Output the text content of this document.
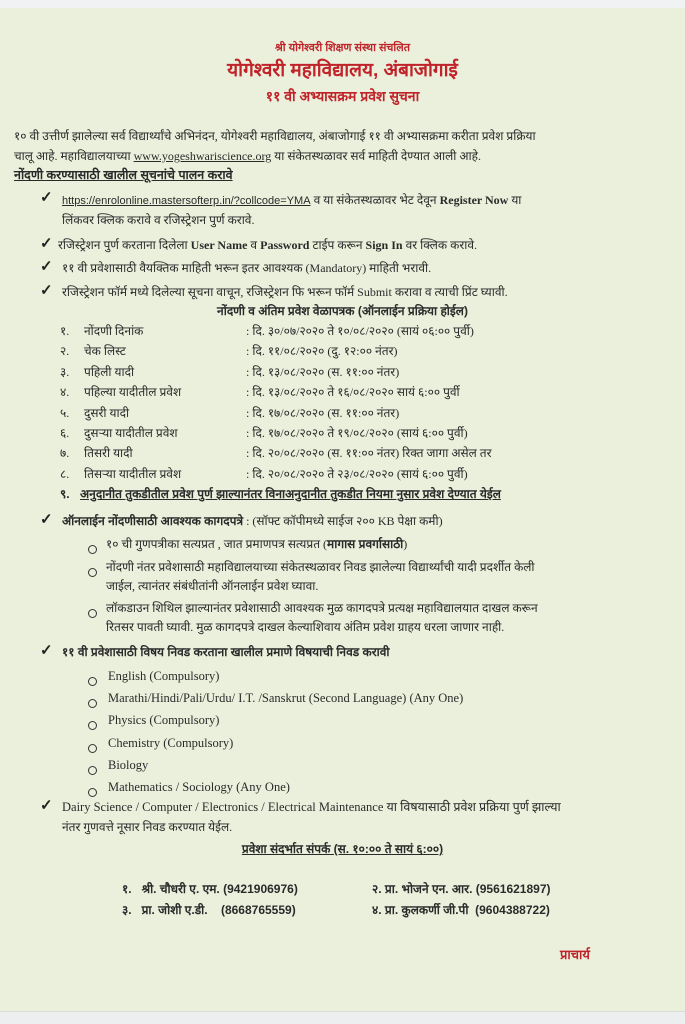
श्री योगेश्वरी शिक्षण संस्था संचलित
योगेश्वरी महाविद्यालय, अंबाजोगाई
११ वी अभ्यासक्रम प्रवेश सुचना
१० वी उत्तीर्ण झालेल्या सर्व विद्यार्थ्यांचे अभिनंदन, योगेश्वरी महाविद्यालय, अंबाजोगाई ११ वी अभ्यासक्रमा करीता प्रवेश प्रक्रिया
चालू आहे. महाविद्यालयाच्या www.yogeshwariscience.org या संकेतस्थळावर सर्व माहिती देण्यात आली आहे.
नोंदणी करण्यासाठी खालील सूचनांचे पालन करावे
✓ https://enrolonline.mastersofterp.in/?collcode=YMA व या संकेतस्थळावर भेट देवून Register Now या
लिंकवर क्लिक करावे व रजिस्ट्रेशन पुर्ण करावे.
✓ रजिस्ट्रेशन पुर्ण करताना दिलेला User Name व Password टाईप करून Sign In वर क्लिक करावे.
✓ ११ वी प्रवेशासाठी वैयक्तिक माहिती भरून इतर आवश्यक (Mandatory) माहिती भरावी.
✓ रजिस्ट्रेशन फॉर्म मध्ये दिलेल्या सूचना वाचून, रजिस्ट्रेशन फि भरून फॉर्म Submit करावा व त्याची प्रिंट घ्यावी.
नोंदणी व अंतिम प्रवेश वेळापत्रक (ऑनलाईन प्रक्रिया होईल)
१. नोंदणी दिनांक	: दि. ३०/०७/२०२० ते १०/०८/२०२० (सायं ०६:०० पुर्वी)
२. चेक लिस्ट	: दि. ११/०८/२०२० (दु. १२:०० नंतर)
३. पहिली यादी	: दि. १३/०८/२०२० (स. ११:०० नंतर)
४. पहिल्या यादीतील प्रवेश	: दि. १३/०८/२०२० ते १६/०८/२०२० सायं ६:०० पुर्वी
५. दुसरी यादी	: दि. १७/०८/२०२० (स. ११:०० नंतर)
६. दुसऱ्या यादीतील प्रवेश	: दि. १७/०८/२०२० ते १९/०८/२०२० (सायं ६:०० पुर्वी)
७. तिसरी यादी	: दि. २०/०८/२०२० (स. ११:०० नंतर) रिक्त जागा असेल तर
८. तिसऱ्या यादीतील प्रवेश	: दि. २०/०८/२०२० ते २३/०८/२०२० (सायं ६:०० पुर्वी)
९. अनुदानीत तुकडीतील प्रवेश पुर्ण झाल्यानंतर विनाअनुदानीत तुकडीत नियमा नुसार प्रवेश देण्यात येईल
✓ ऑनलाईन नोंदणीसाठी आवश्यक कागदपत्रे : (सॉफ्ट कॉपीमध्ये साईज २०० KB पेक्षा कमी)
१० ची गुणपत्रीका सत्यप्रत , जात प्रमाणपत्र सत्यप्रत (मागास प्रवर्गासाठी)
नोंदणी नंतर प्रवेशासाठी महाविद्यालयाच्या संकेतस्थळावर निवड झालेल्या विद्यार्थ्यांची यादी प्रदर्शीत केली
जाईल, त्यानंतर संबंधीतांनी ऑनलाईन प्रवेश घ्यावा.
लॉकडाउन शिथिल झाल्यानंतर प्रवेशासाठी आवश्यक मुळ कागदपत्रे प्रत्यक्ष महाविद्यालयात दाखल करून
रितसर पावती घ्यावी. मुळ कागदपत्रे दाखल केल्याशिवाय अंतिम प्रवेश ग्राहय धरला जाणार नाही.
✓ ११ वी प्रवेशासाठी विषय निवड करताना खालील प्रमाणे विषयाची निवड करावी
English (Compulsory)
Marathi/Hindi/Pali/Urdu/ I.T. /Sanskrut (Second Language) (Any One)
Physics (Compulsory)
Chemistry (Compulsory)
Biology
Mathematics / Sociology (Any One)
✓ Dairy Science / Computer / Electronics / Electrical Maintenance या विषयासाठी प्रवेश प्रक्रिया पुर्ण झाल्या
नंतर गुणवत्ते नूसार निवड करण्यात येईल.
प्रवेशा संदर्भात संपर्क (स. १०:०० ते सायं ६:००)
१.   श्री. चौधरी ए. एम. (9421906976)	२. प्रा. भोजने एन. आर. (9561621897)
३.   प्रा. जोशी ए.डी.    (8668765559)	४. प्रा. कुलकर्णी जी.पी  (9604388722)
प्राचार्य
